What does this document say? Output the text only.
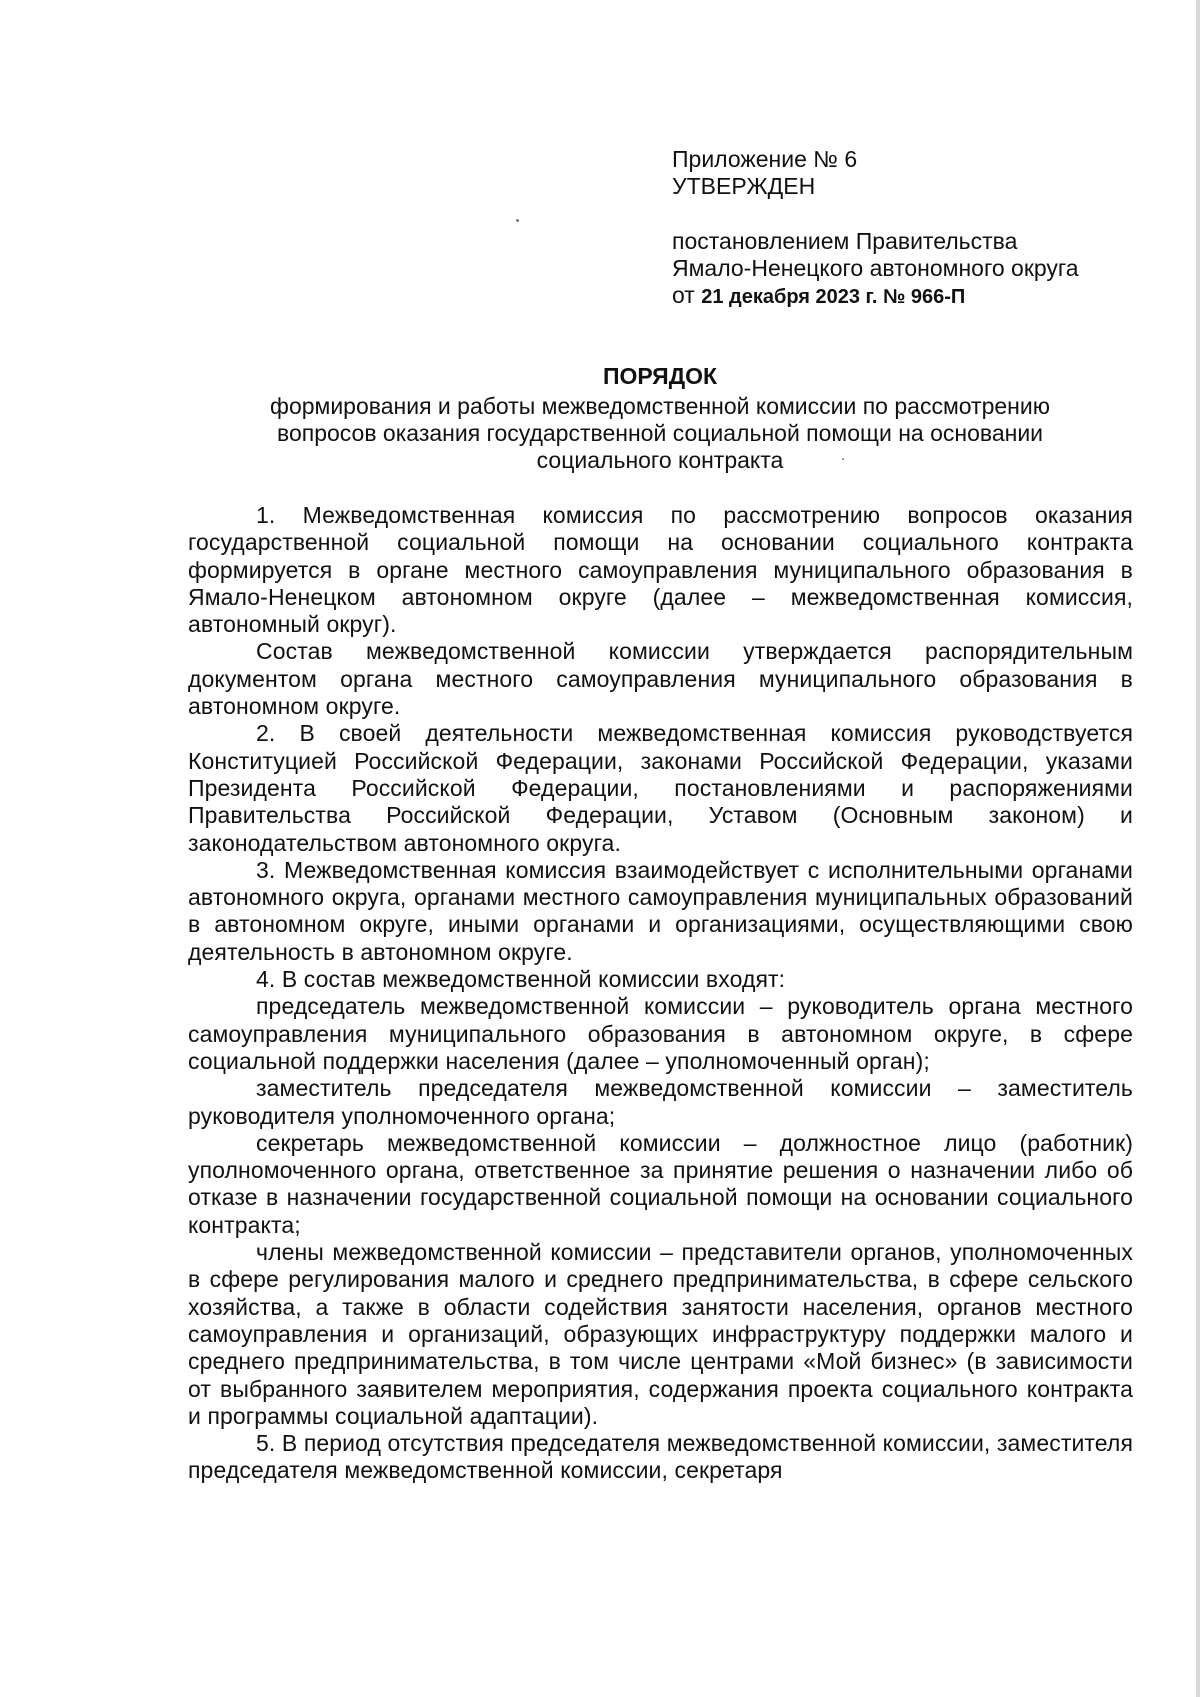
Приложение № 6
УТВЕРЖДЕН
постановлением Правительства
Ямало-Ненецкого автономного округа
от 21 декабря 2023 г. № 966-П
ПОРЯДОК
формирования и работы межведомственной комиссии по рассмотрению
вопросов оказания государственной социальной помощи на основании
социального контракта

1. Межведомственная комиссия по рассмотрению вопросов оказания государственной социальной помощи на основании социального контракта формируется в органе местного самоуправления муниципального образования в Ямало-Ненецком автономном округе (далее – межведомственная комиссия, автономный округ).

Состав межведомственной комиссии утверждается распорядительным документом органа местного самоуправления муниципального образования в автономном округе.

2. В своей деятельности межведомственная комиссия руководствуется Конституцией Российской Федерации, законами Российской Федерации, указами Президента Российской Федерации, постановлениями и распоряжениями Правительства Российской Федерации, Уставом (Основным законом) и законодательством автономного округа.

3. Межведомственная комиссия взаимодействует с исполнительными органами автономного округа, органами местного самоуправления муниципальных образований в автономном округе, иными органами и организациями, осуществляющими свою деятельность в автономном округе.

4. В состав межведомственной комиссии входят:

председатель межведомственной комиссии – руководитель органа местного самоуправления муниципального образования в автономном округе, в сфере социальной поддержки населения (далее – уполномоченный орган);

заместитель председателя межведомственной комиссии – заместитель руководителя уполномоченного органа;

секретарь межведомственной комиссии – должностное лицо (работник) уполномоченного органа, ответственное за принятие решения о назначении либо об отказе в назначении государственной социальной помощи на основании социального контракта;

члены межведомственной комиссии – представители органов, уполномоченных в сфере регулирования малого и среднего предпринимательства, в сфере сельского хозяйства, а также в области содействия занятости населения, органов местного самоуправления и организаций, образующих инфраструктуру поддержки малого и среднего предпринимательства, в том числе центрами «Мой бизнес» (в зависимости от выбранного заявителем мероприятия, содержания проекта социального контракта и программы социальной адаптации).

5. В период отсутствия председателя межведомственной комиссии, заместителя председателя межведомственной комиссии, секретаря
